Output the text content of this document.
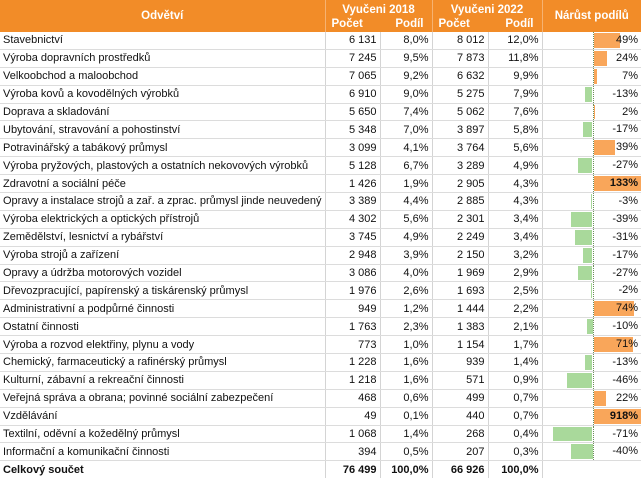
Odvětví	Vyučeni 2018		Vyučeni 2022		Nárůst podílů
	Počet	Podíl	Počet	Podíl	
Stavebnictví	6 131	8,0%	8 012	12,0%	49%

Výroba dopravních prostředků	7 245	9,5%	7 873	11,8%	24%

Velkoobchod a maloobchod	7 065	9,2%	6 632	9,9%	7%

Výroba kovů a kovodělných výrobků	6 910	9,0%	5 275	7,9%	-13%

Doprava a skladování	5 650	7,4%	5 062	7,6%	2%

Ubytování, stravování a pohostinství	5 348	7,0%	3 897	5,8%	-17%

Potravinářský a tabákový průmysl	3 099	4,1%	3 764	5,6%	39%

Výroba pryžových, plastových a ostatních nekovových výrobků	5 128	6,7%	3 289	4,9%	-27%

Zdravotní a sociální péče	1 426	1,9%	2 905	4,3%	133%

Opravy a instalace strojů a zař. a zprac. průmysl jinde neuvedený	3 389	4,4%	2 885	4,3%	-3%

Výroba elektrických a optických přístrojů	4 302	5,6%	2 301	3,4%	-39%

Zemědělství, lesnictví a rybářství	3 745	4,9%	2 249	3,4%	-31%

Výroba strojů a zařízení	2 948	3,9%	2 150	3,2%	-17%

Opravy a údržba motorových vozidel	3 086	4,0%	1 969	2,9%	-27%

Dřevozpracující, papírenský a tiskárenský průmysl	1 976	2,6%	1 693	2,5%	-2%

Administrativní a podpůrné činnosti	949	1,2%	1 444	2,2%	74%

Ostatní činnosti	1 763	2,3%	1 383	2,1%	-10%

Výroba a rozvod elektřiny, plynu a vody	773	1,0%	1 154	1,7%	71%

Chemický, farmaceutický a rafinérský průmysl	1 228	1,6%	939	1,4%	-13%

Kulturní, zábavní a rekreační činnosti	1 218	1,6%	571	0,9%	-46%

Veřejná správa a obrana; povinné sociální zabezpečení	468	0,6%	499	0,7%	22%

Vzdělávání	49	0,1%	440	0,7%	918%

Textilní, oděvní a kožedělný průmysl	1 068	1,4%	268	0,4%	-71%

Informační a komunikační činnosti	394	0,5%	207	0,3%	-40%

Celkový součet	76 499	100,0%	66 926	100,0%	
